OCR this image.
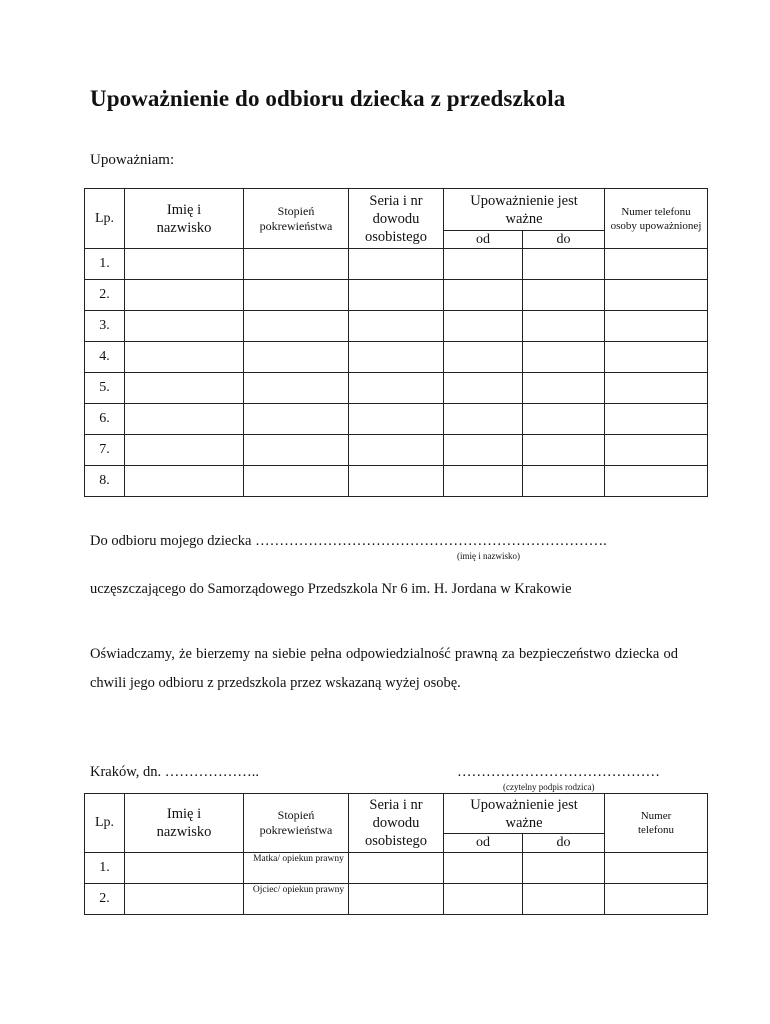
Upoważnienie do odbioru dziecka z przedszkola
Upoważniam:
Lp.	Imię i nazwisko	Stopień pokrewieństwa	Seria i nr dowodu osobistego	Upoważnienie jest ważne		Numer telefonu osoby upoważnionej
				od	do	
1.						
2.						
3.						
4.						
5.						
6.						
7.						
8.						
Do odbioru mojego dziecka ……………………………………………………………….
(imię i nazwisko)
uczęszczającego do Samorządowego Przedszkola Nr 6 im. H. Jordana w Krakowie
Oświadczamy, że bierzemy na siebie pełna odpowiedzialność prawną za bezpieczeństwo dziecka od chwili jego odbioru z przedszkola przez wskazaną wyżej osobę.
Kraków, dn. ………………..	……………………………………
(czytelny podpis rodzica)
Lp.	Imię i nazwisko	Stopień pokrewieństwa	Seria i nr dowodu osobistego	Upoważnienie jest ważne		Numer telefonu
				od	do	
1.		Matka/ opiekun prawny				
2.		Ojciec/ opiekun prawny				
